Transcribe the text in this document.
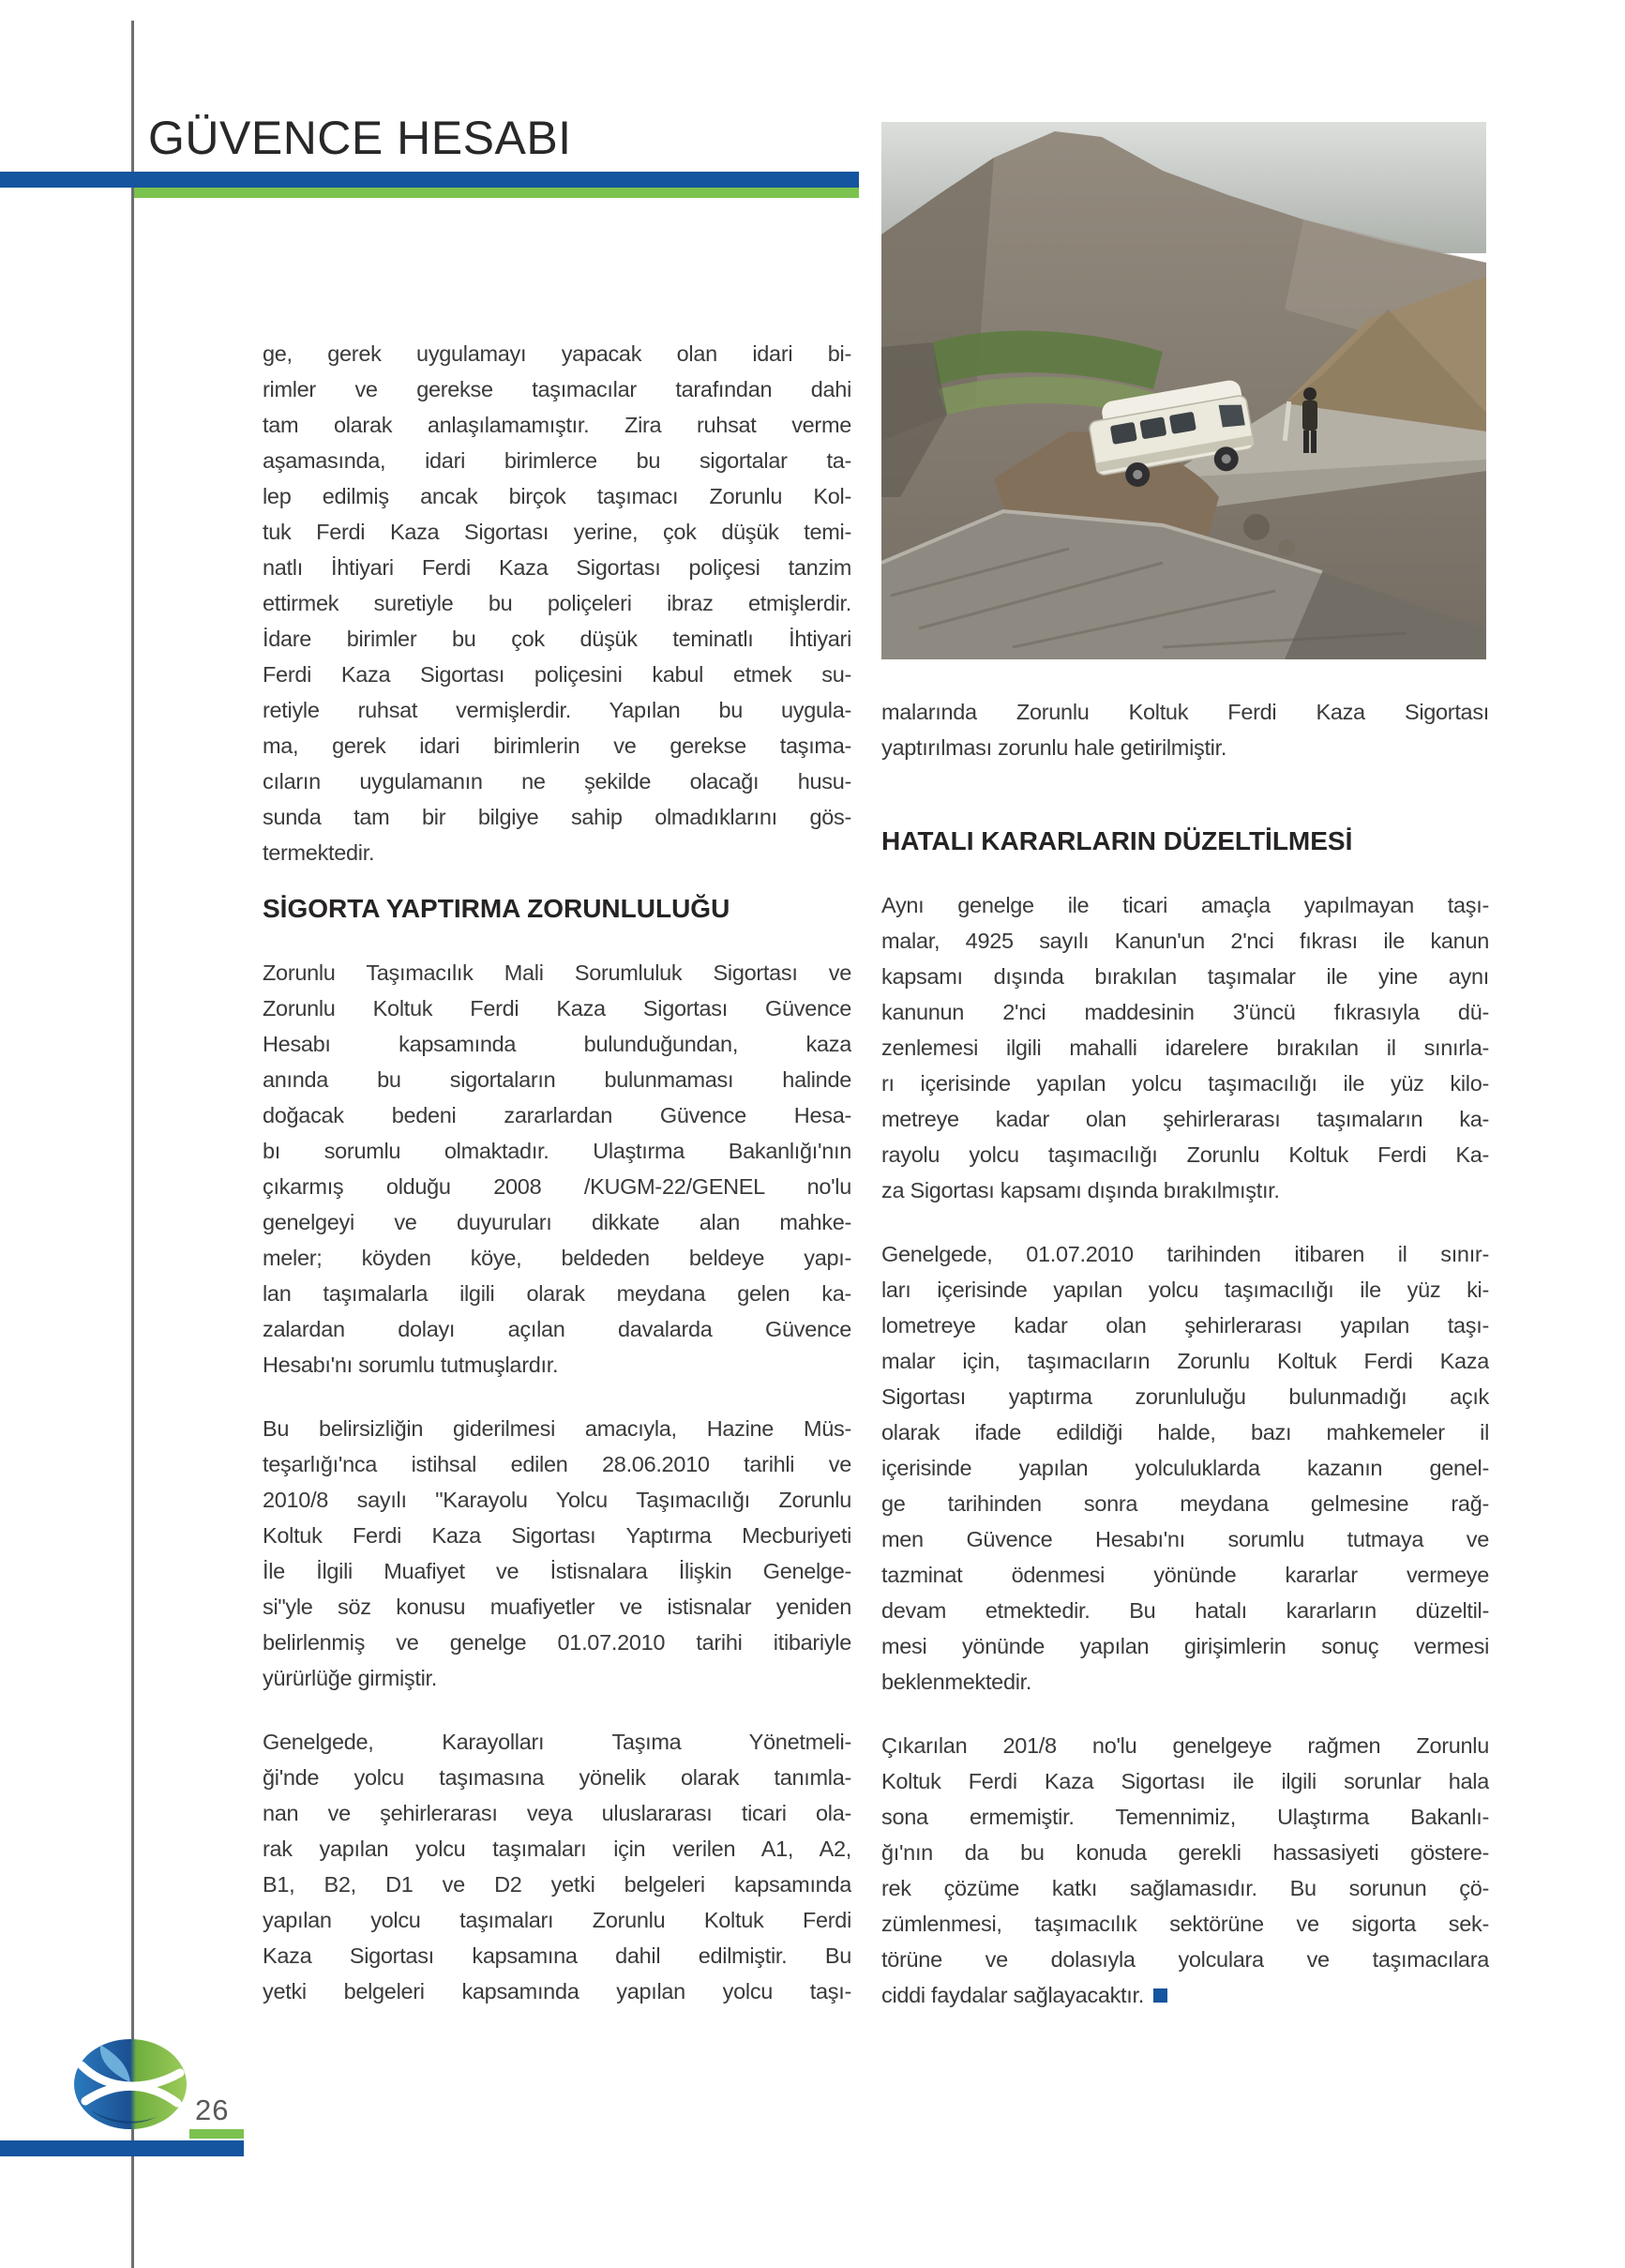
GÜVENCE HESABI
ge, gerek uygulamayı yapacak olan idari bi-
rimler ve gerekse taşımacılar tarafından dahi
tam olarak anlaşılamamıştır. Zira ruhsat verme
aşamasında, idari birimlerce bu sigortalar ta-
lep edilmiş ancak birçok taşımacı Zorunlu Kol-
tuk Ferdi Kaza Sigortası yerine, çok düşük temi-
natlı İhtiyari Ferdi Kaza Sigortası poliçesi tanzim
ettirmek suretiyle bu poliçeleri ibraz etmişlerdir.
İdare birimler bu çok düşük teminatlı İhtiyari
Ferdi Kaza Sigortası poliçesini kabul etmek su-
retiyle ruhsat vermişlerdir. Yapılan bu uygula-
ma, gerek idari birimlerin ve gerekse taşıma-
cıların uygulamanın ne şekilde olacağı husu-
sunda tam bir bilgiye sahip olmadıklarını gös-
termektedir.
SİGORTA YAPTIRMA ZORUNLULUĞU
Zorunlu Taşımacılık Mali Sorumluluk Sigortası ve
Zorunlu Koltuk Ferdi Kaza Sigortası Güvence
Hesabı kapsamında bulunduğundan, kaza
anında bu sigortaların bulunmaması halinde
doğacak bedeni zararlardan Güvence Hesa-
bı sorumlu olmaktadır. Ulaştırma Bakanlığı'nın
çıkarmış olduğu 2008 /KUGM-22/GENEL no'lu
genelgeyi ve duyuruları dikkate alan mahke-
meler; köyden köye, beldeden beldeye yapı-
lan taşımalarla ilgili olarak meydana gelen ka-
zalardan dolayı açılan davalarda Güvence
Hesabı'nı sorumlu tutmuşlardır.
Bu belirsizliğin giderilmesi amacıyla, Hazine Müs-
teşarlığı'nca istihsal edilen 28.06.2010 tarihli ve
2010/8 sayılı "Karayolu Yolcu Taşımacılığı Zorunlu
Koltuk Ferdi Kaza Sigortası Yaptırma Mecburiyeti
İle İlgili Muafiyet ve İstisnalara İlişkin Genelge-
si"yle söz konusu muafiyetler ve istisnalar yeniden
belirlenmiş ve genelge 01.07.2010 tarihi itibariyle
yürürlüğe girmiştir.
Genelgede, Karayolları Taşıma Yönetmeli-
ği'nde yolcu taşımasına yönelik olarak tanımla-
nan ve şehirlerarası veya uluslararası ticari ola-
rak yapılan yolcu taşımaları için verilen A1, A2,
B1, B2, D1 ve D2 yetki belgeleri kapsamında
yapılan yolcu taşımaları Zorunlu Koltuk Ferdi
Kaza Sigortası kapsamına dahil edilmiştir. Bu
yetki belgeleri kapsamında yapılan yolcu taşı-
malarında Zorunlu Koltuk Ferdi Kaza Sigortası
yaptırılması zorunlu hale getirilmiştir.
HATALI KARARLARIN DÜZELTİLMESİ
Aynı genelge ile ticari amaçla yapılmayan taşı-
malar, 4925 sayılı Kanun'un 2'nci fıkrası ile kanun
kapsamı dışında bırakılan taşımalar ile yine aynı
kanunun 2'nci maddesinin 3'üncü fıkrasıyla dü-
zenlemesi ilgili mahalli idarelere bırakılan il sınırla-
rı içerisinde yapılan yolcu taşımacılığı ile yüz kilo-
metreye kadar olan şehirlerarası taşımaların ka-
rayolu yolcu taşımacılığı Zorunlu Koltuk Ferdi Ka-
za Sigortası kapsamı dışında bırakılmıştır.
Genelgede, 01.07.2010 tarihinden itibaren il sınır-
ları içerisinde yapılan yolcu taşımacılığı ile yüz ki-
lometreye kadar olan şehirlerarası yapılan taşı-
malar için, taşımacıların Zorunlu Koltuk Ferdi Kaza
Sigortası yaptırma zorunluluğu bulunmadığı açık
olarak ifade edildiği halde, bazı mahkemeler il
içerisinde yapılan yolculuklarda kazanın genel-
ge tarihinden sonra meydana gelmesine rağ-
men Güvence Hesabı'nı sorumlu tutmaya ve
tazminat ödenmesi yönünde kararlar vermeye
devam etmektedir. Bu hatalı kararların düzeltil-
mesi yönünde yapılan girişimlerin sonuç vermesi
beklenmektedir.
Çıkarılan 201/8 no'lu genelgeye rağmen Zorunlu
Koltuk Ferdi Kaza Sigortası ile ilgili sorunlar hala
sona ermemiştir. Temennimiz, Ulaştırma Bakanlı-
ğı'nın da bu konuda gerekli hassasiyeti göstere-
rek çözüme katkı sağlamasıdır. Bu sorunun çö-
zümlenmesi, taşımacılık sektörüne ve sigorta sek-
törüne ve dolasıyla yolculara ve taşımacılara
ciddi faydalar sağlayacaktır.
26
